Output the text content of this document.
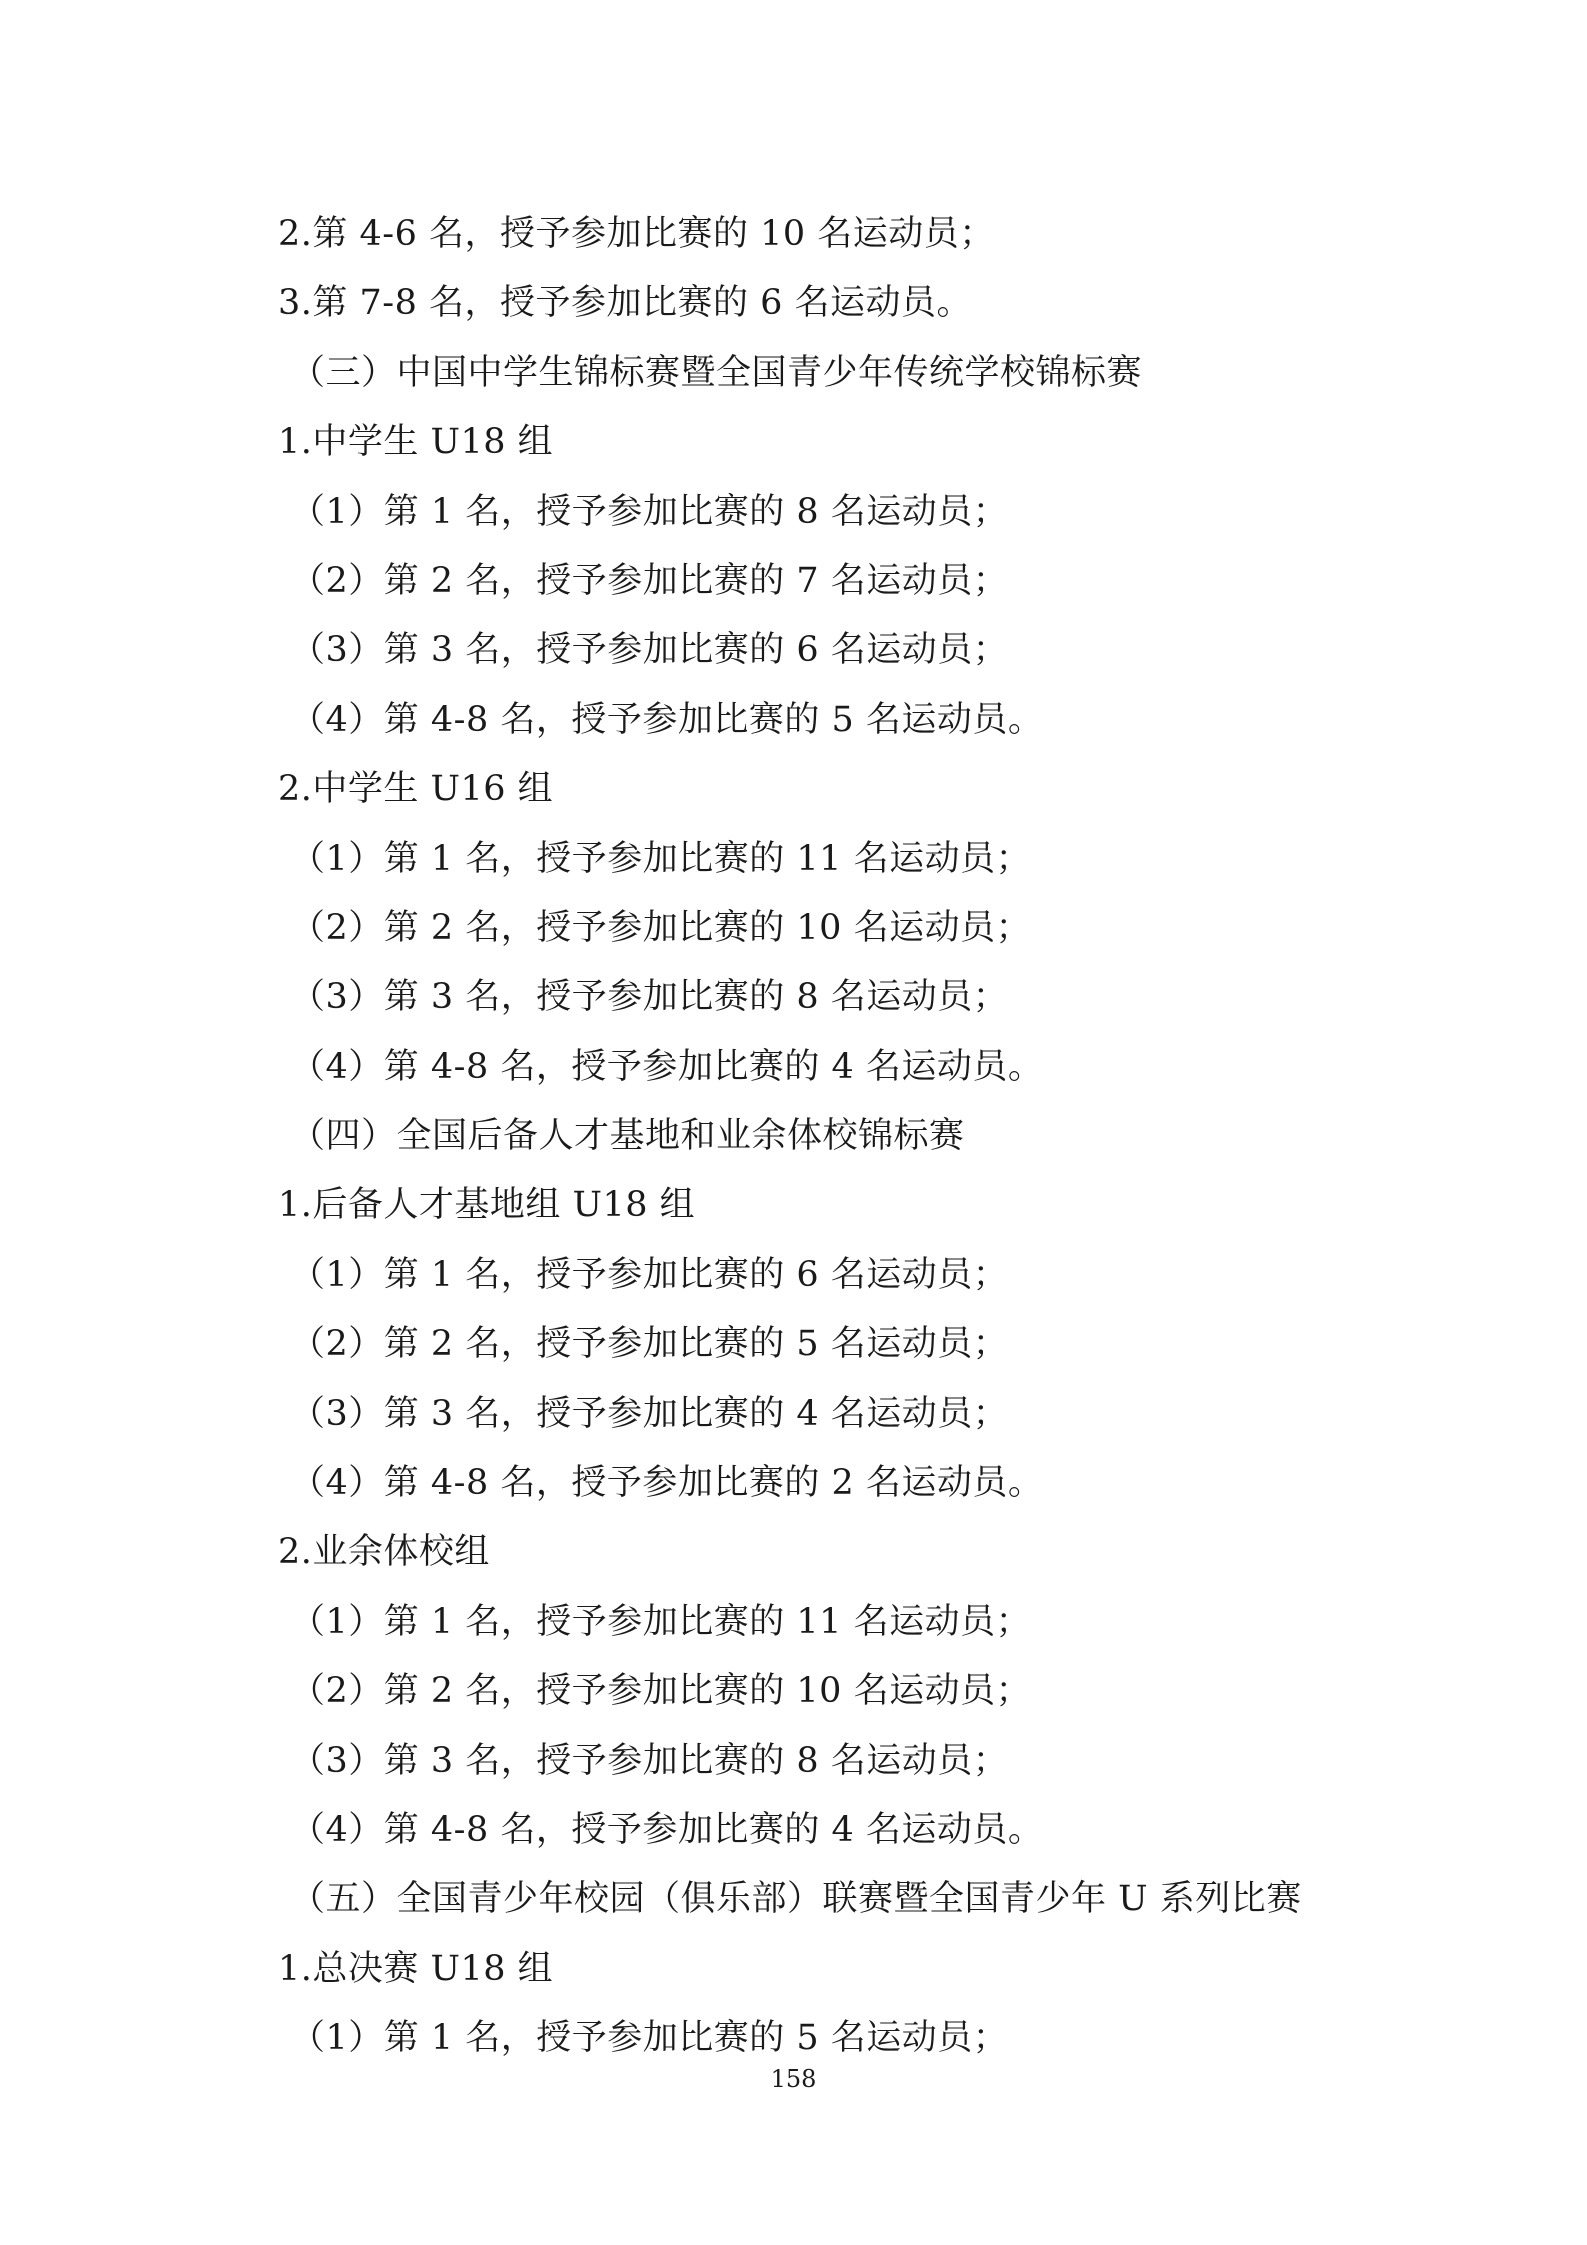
2.第 4-6 名，授予参加比赛的 10 名运动员；
3.第 7-8 名，授予参加比赛的 6 名运动员。
（三）中国中学生锦标赛暨全国青少年传统学校锦标赛
1.中学生 U18 组
（1）第 1 名，授予参加比赛的 8 名运动员；
（2）第 2 名，授予参加比赛的 7 名运动员；
（3）第 3 名，授予参加比赛的 6 名运动员；
（4）第 4-8 名，授予参加比赛的 5 名运动员。
2.中学生 U16 组
（1）第 1 名，授予参加比赛的 11 名运动员；
（2）第 2 名，授予参加比赛的 10 名运动员；
（3）第 3 名，授予参加比赛的 8 名运动员；
（4）第 4-8 名，授予参加比赛的 4 名运动员。
（四）全国后备人才基地和业余体校锦标赛
1.后备人才基地组 U18 组
（1）第 1 名，授予参加比赛的 6 名运动员；
（2）第 2 名，授予参加比赛的 5 名运动员；
（3）第 3 名，授予参加比赛的 4 名运动员；
（4）第 4-8 名，授予参加比赛的 2 名运动员。
2.业余体校组
（1）第 1 名，授予参加比赛的 11 名运动员；
（2）第 2 名，授予参加比赛的 10 名运动员；
（3）第 3 名，授予参加比赛的 8 名运动员；
（4）第 4-8 名，授予参加比赛的 4 名运动员。
（五）全国青少年校园（俱乐部）联赛暨全国青少年 U 系列比赛
1.总决赛 U18 组
（1）第 1 名，授予参加比赛的 5 名运动员；
158
